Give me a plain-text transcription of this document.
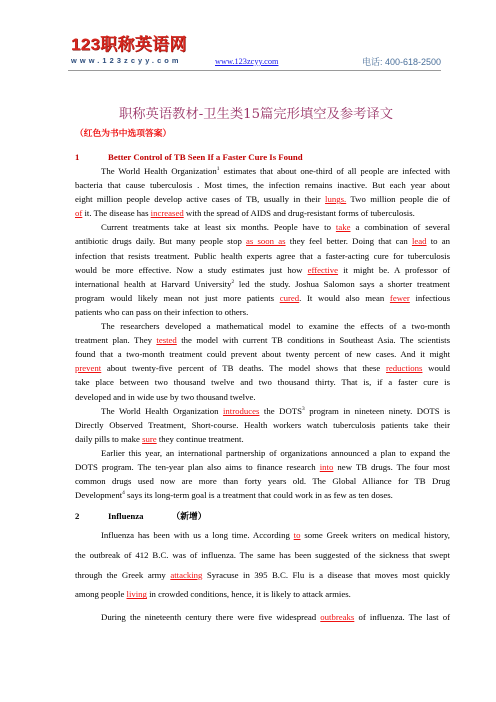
123职称英语网
www.123zcyy.com	www.123zcyy.com	电话: 400-618-2500
职称英语教材-卫生类15篇完形填空及参考译文
（红色为书中选项答案）
1	Better Control of TB Seen If a Faster Cure Is Found
The World Health Organization$^1$ estimates that about one-third of all people are infected with
bacteria that cause tuberculosis . Most times, the infection remains inactive. But each year about
eight million people develop active cases of TB, usually in their lungs. Two million people die of
of it. The disease has increased with the spread of AIDS and drug-resistant forms of tuberculosis.
Current treatments take at least six months. People have to take a combination of several
antibiotic drugs daily. But many people stop as soon as they feel better. Doing that can lead to an
infection that resists treatment. Public health experts agree that a faster-acting cure for tuberculosis
would be more effective. Now a study estimates just how effective it might be. A professor of
international health at Harvard University$^2$ led the study. Joshua Salomon says a shorter treatment
program would likely mean not just more patients cured. It would also mean fewer infectious
patients who can pass on their infection to others.
The researchers developed a mathematical model to examine the effects of a two-month
treatment plan. They tested the model with current TB conditions in Southeast Asia. The scientists
found that a two-month treatment could prevent about twenty percent of new cases. And it might
prevent about twenty-five percent of TB deaths. The model shows that these reductions would
take place between two thousand twelve and two thousand thirty. That is, if a faster cure is
developed and in wide use by two thousand twelve.
The World Health Organization introduces the DOTS$^3$ program in nineteen ninety. DOTS is
Directly Observed Treatment, Short-course. Health workers watch tuberculosis patients take their
daily pills to make sure they continue treatment.
Earlier this year, an international partnership of organizations announced a plan to expand the
DOTS program. The ten-year plan also aims to finance research into new TB drugs. The four most
common drugs used now are more than forty years old. The Global Alliance for TB Drug
Development$^4$ says its long-term goal is a treatment that could work in as few as ten doses.
2	Influenza	（新增）
Influenza has been with us a long time. According to some Greek writers on medical history,
the outbreak of 412 B.C. was of influenza. The same has been suggested of the sickness that swept
through the Greek army attacking Syracuse in 395 B.C. Flu is a disease that moves most quickly
among people living in crowded conditions, hence, it is likely to attack armies.
During the nineteenth century there were five widespread outbreaks of influenza. The last of
